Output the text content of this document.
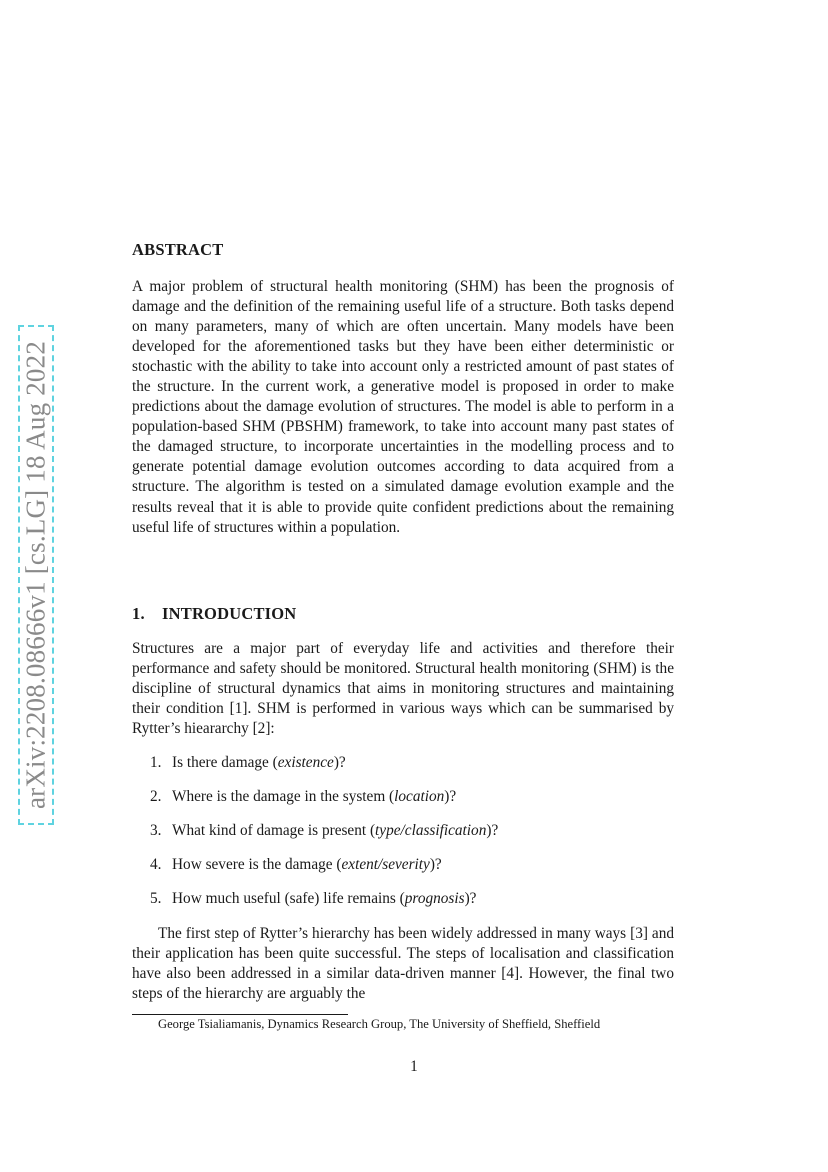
arXiv:2208.08666v1 [cs.LG] 18 Aug 2022
ABSTRACT

A major problem of structural health monitoring (SHM) has been the prognosis of damage and the definition of the remaining useful life of a structure. Both tasks depend on many parameters, many of which are often uncertain. Many models have been developed for the aforementioned tasks but they have been either deterministic or stochastic with the ability to take into account only a restricted amount of past states of the structure. In the current work, a generative model is proposed in order to make predictions about the damage evolution of structures. The model is able to perform in a population-based SHM (PBSHM) framework, to take into account many past states of the damaged structure, to incorporate uncertainties in the modelling process and to generate potential damage evolution outcomes according to data acquired from a structure. The algorithm is tested on a simulated damage evolution example and the results reveal that it is able to provide quite confident predictions about the remaining useful life of structures within a population.

1. INTRODUCTION

Structures are a major part of everyday life and activities and therefore their performance and safety should be monitored. Structural health monitoring (SHM) is the discipline of structural dynamics that aims in monitoring structures and maintaining their condition [1]. SHM is performed in various ways which can be summarised by Rytter’s hieararchy [2]:

1. Is there damage (existence)?
2. Where is the damage in the system (location)?
3. What kind of damage is present (type/classification)?
4. How severe is the damage (extent/severity)?
5. How much useful (safe) life remains (prognosis)?

The first step of Rytter’s hierarchy has been widely addressed in many ways [3] and their application has been quite successful. The steps of localisation and classification have also been addressed in a similar data-driven manner [4]. However, the final two steps of the hierarchy are arguably the

George Tsialiamanis, Dynamics Research Group, The University of Sheffield, Sheffield
1
